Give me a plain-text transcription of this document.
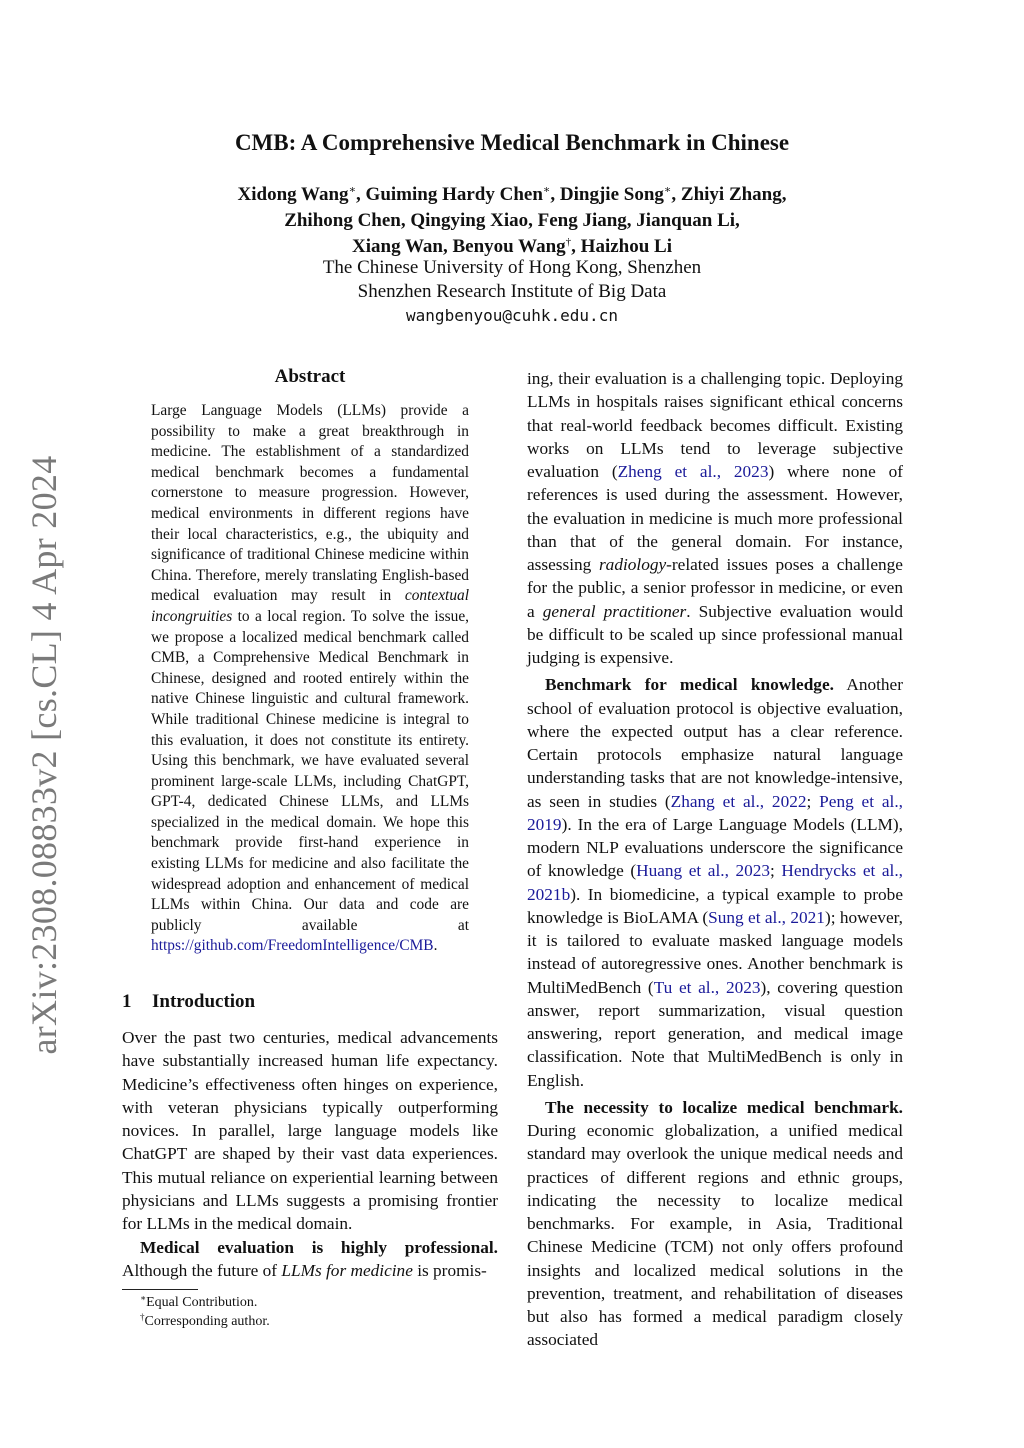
arXiv:2308.08833v2 [cs.CL] 4 Apr 2024
CMB: A Comprehensive Medical Benchmark in Chinese
Xidong Wang∗, Guiming Hardy Chen∗, Dingjie Song∗, Zhiyi Zhang,
Zhihong Chen, Qingying Xiao, Feng Jiang, Jianquan Li,
Xiang Wan, Benyou Wang†, Haizhou Li
The Chinese University of Hong Kong, Shenzhen
Shenzhen Research Institute of Big Data
wangbenyou@cuhk.edu.cn
Abstract
Large Language Models (LLMs) provide a possibility to make a great breakthrough in medicine. The establishment of a standardized medical benchmark becomes a fundamental cornerstone to measure progression. However, medical environments in different regions have their local characteristics, e.g., the ubiquity and significance of traditional Chinese medicine within China. Therefore, merely translating English-based medical evaluation may result in contextual incongruities to a local region. To solve the issue, we propose a localized medical benchmark called CMB, a Comprehensive Medical Benchmark in Chinese, designed and rooted entirely within the native Chinese linguistic and cultural framework. While traditional Chinese medicine is integral to this evaluation, it does not constitute its entirety. Using this benchmark, we have evaluated several prominent large-scale LLMs, including ChatGPT, GPT-4, dedicated Chinese LLMs, and LLMs specialized in the medical domain. We hope this benchmark provide first-hand experience in existing LLMs for medicine and also facilitate the widespread adoption and enhancement of medical LLMs within China. Our data and code are publicly available at https://github.com/FreedomIntelligence/CMB.
1 Introduction

Over the past two centuries, medical advancements have substantially increased human life expectancy. Medicine’s effectiveness often hinges on experience, with veteran physicians typically outperforming novices. In parallel, large language models like ChatGPT are shaped by their vast data experiences. This mutual reliance on experiential learning between physicians and LLMs suggests a promising frontier for LLMs in the medical domain.

Medical evaluation is highly professional. Although the future of LLMs for medicine is promis-

ing, their evaluation is a challenging topic. Deploying LLMs in hospitals raises significant ethical concerns that real-world feedback becomes difficult. Existing works on LLMs tend to leverage subjective evaluation (Zheng et al., 2023) where none of references is used during the assessment. However, the evaluation in medicine is much more professional than that of the general domain. For instance, assessing radiology-related issues poses a challenge for the public, a senior professor in medicine, or even a general practitioner. Subjective evaluation would be difficult to be scaled up since professional manual judging is expensive.

Benchmark for medical knowledge. Another school of evaluation protocol is objective evaluation, where the expected output has a clear reference. Certain protocols emphasize natural language understanding tasks that are not knowledge-intensive, as seen in studies (Zhang et al., 2022; Peng et al., 2019). In the era of Large Language Models (LLM), modern NLP evaluations underscore the significance of knowledge (Huang et al., 2023; Hendrycks et al., 2021b). In biomedicine, a typical example to probe knowledge is BioLAMA (Sung et al., 2021); however, it is tailored to evaluate masked language models instead of autoregressive ones. Another benchmark is MultiMedBench (Tu et al., 2023), covering question answer, report summarization, visual question answering, report generation, and medical image classification. Note that MultiMedBench is only in English.

The necessity to localize medical benchmark. During economic globalization, a unified medical standard may overlook the unique medical needs and practices of different regions and ethnic groups, indicating the necessity to localize medical benchmarks. For example, in Asia, Traditional Chinese Medicine (TCM) not only offers profound insights and localized medical solutions in the prevention, treatment, and rehabilitation of diseases but also has formed a medical paradigm closely associated

∗Equal Contribution.
†Corresponding author.
